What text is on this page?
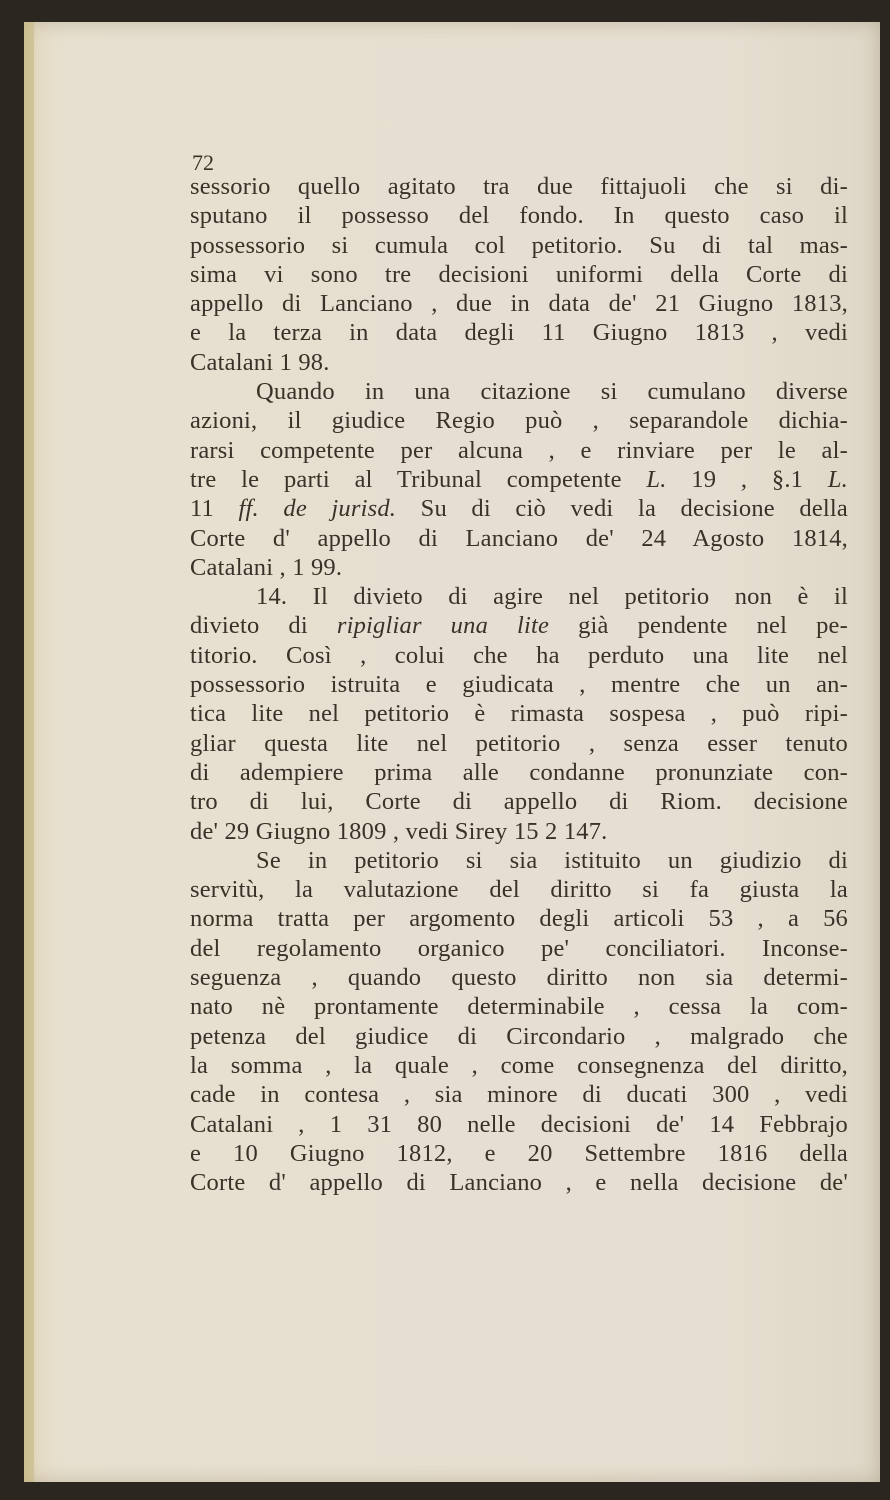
72
sessorio quello agitato tra due fittajuoli che si di-
sputano il possesso del fondo. In questo caso il
possessorio si cumula col petitorio. Su di tal mas-
sima vi sono tre decisioni uniformi della Corte di
appello di Lanciano , due in data de' 21 Giugno 1813,
e la terza in data degli 11 Giugno 1813 , vedi
Catalani 1 98.
Quando in una citazione si cumulano diverse
azioni, il giudice Regio può , separandole dichia-
rarsi competente per alcuna , e rinviare per le al-
tre le parti al Tribunal competente L. 19 , §.1 L.
11 ff. de jurisd. Su di ciò vedi la decisione della
Corte d' appello di Lanciano de' 24 Agosto 1814,
Catalani , 1 99.
14. Il divieto di agire nel petitorio non è il
divieto di ripigliar una lite già pendente nel pe-
titorio. Così , colui che ha perduto una lite nel
possessorio istruita e giudicata , mentre che un an-
tica lite nel petitorio è rimasta sospesa , può ripi-
gliar questa lite nel petitorio , senza esser tenuto
di adempiere prima alle condanne pronunziate con-
tro di lui, Corte di appello di Riom. decisione
de' 29 Giugno 1809 , vedi Sirey 15 2 147.
Se in petitorio si sia istituito un giudizio di
servitù, la valutazione del diritto si fa giusta la
norma tratta per argomento degli articoli 53 , a 56
del regolamento organico pe' conciliatori. Inconse-
seguenza , quando questo diritto non sia determi-
nato nè prontamente determinabile , cessa la com-
petenza del giudice di Circondario , malgrado che
la somma , la quale , come consegnenza del diritto,
cade in contesa , sia minore di ducati 300 , vedi
Catalani , 1 31 80 nelle decisioni de' 14 Febbrajo
e 10 Giugno 1812, e 20 Settembre 1816 della
Corte d' appello di Lanciano , e nella decisione de'
